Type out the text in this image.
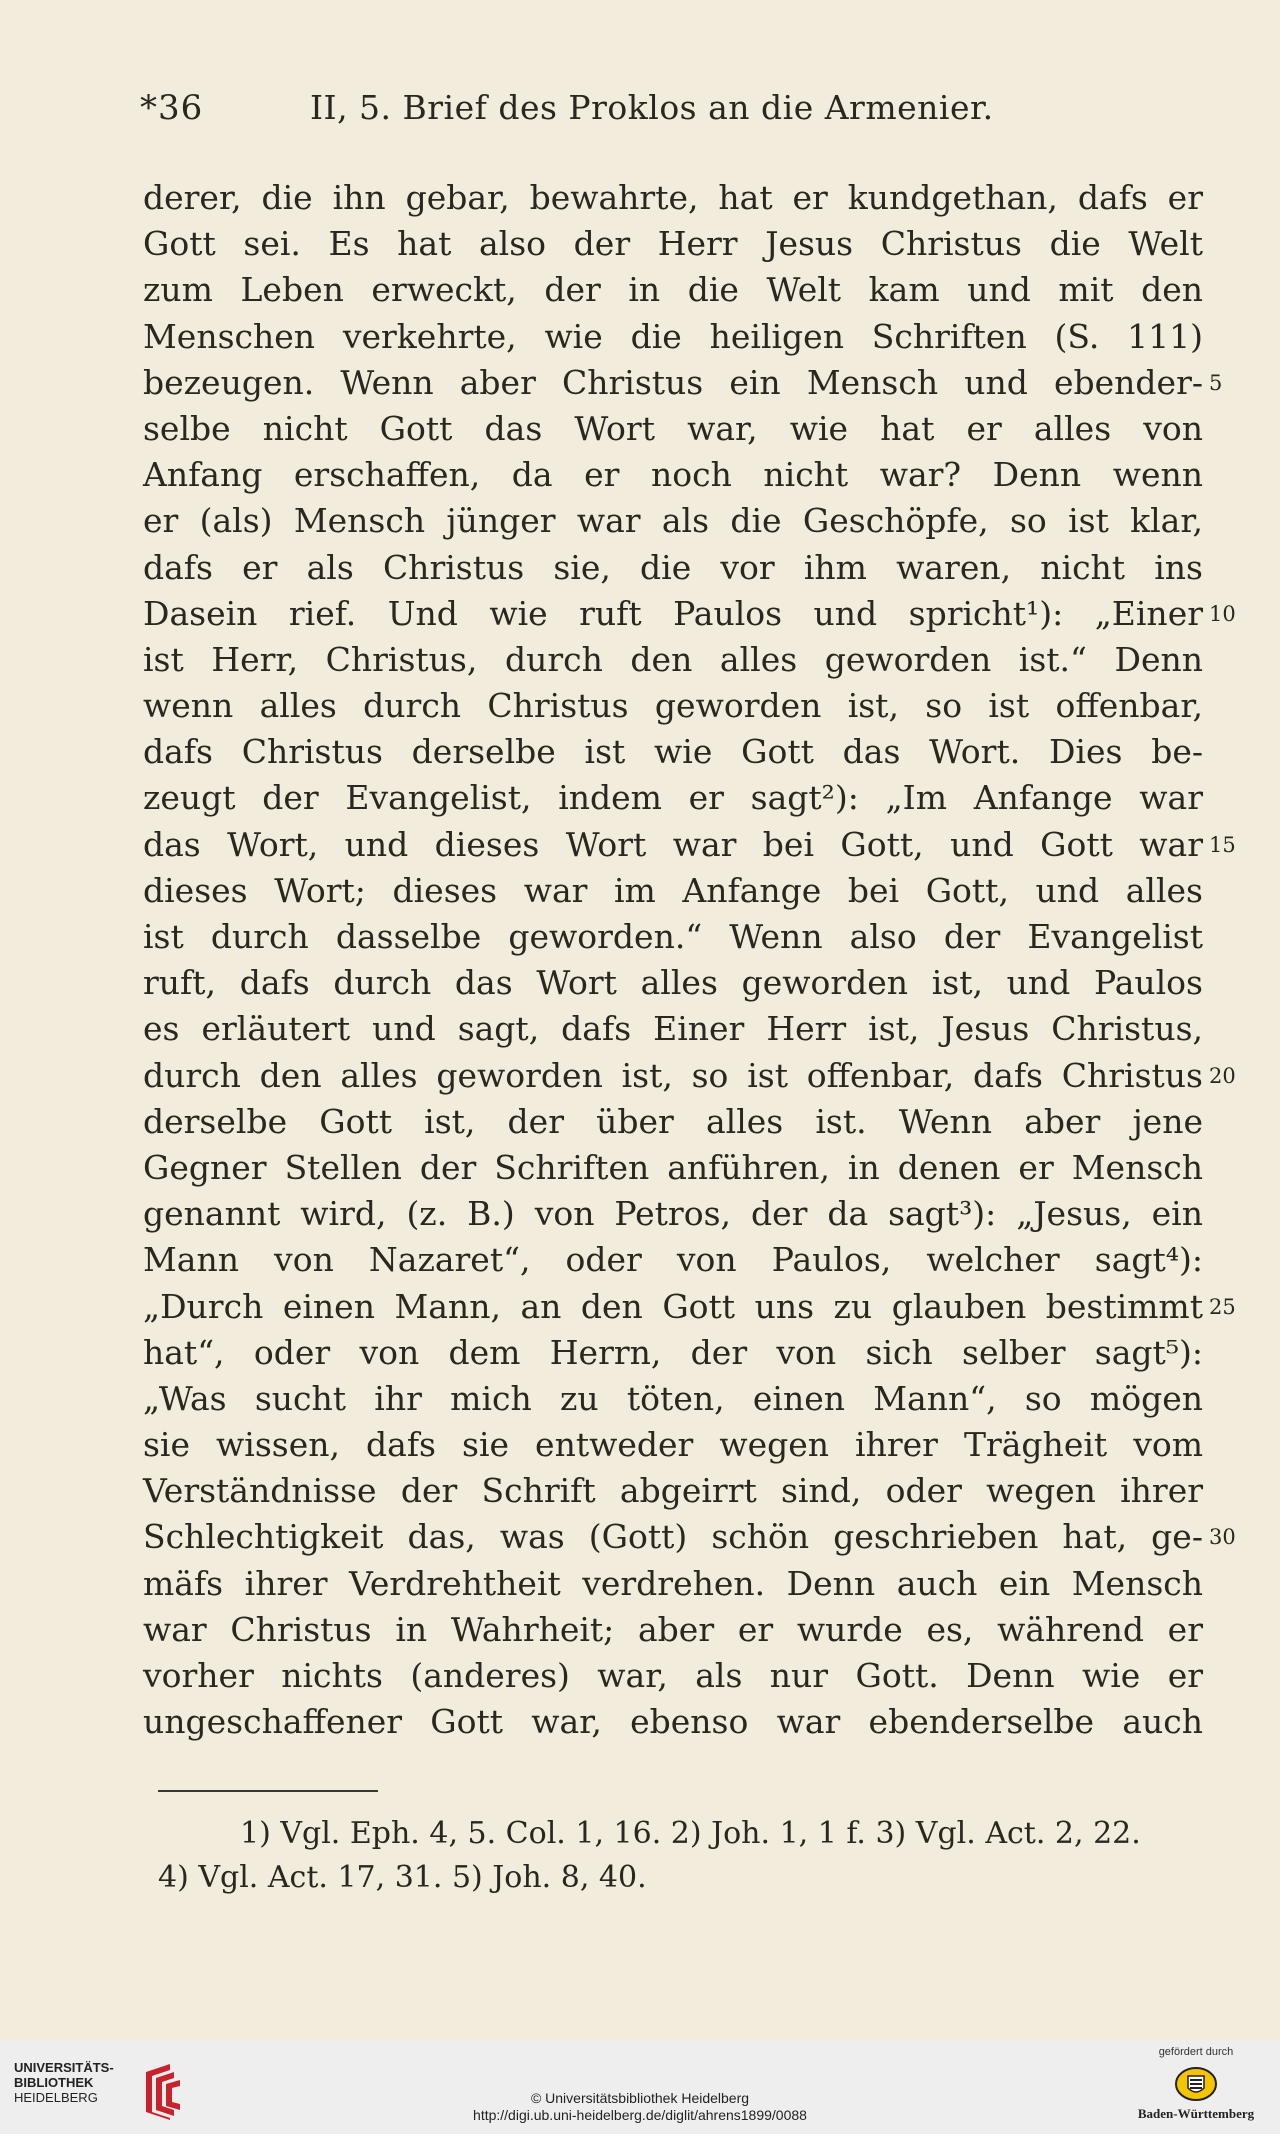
*36	II, 5. Brief des Proklos an die Armenier.
derer, die ihn gebar, bewahrte, hat er kundgethan, dafs er
Gott sei. Es hat also der Herr Jesus Christus die Welt
zum Leben erweckt, der in die Welt kam und mit den
Menschen verkehrte, wie die heiligen Schriften (S. 111)
bezeugen. Wenn aber Christus ein Mensch und ebender- 5
selbe nicht Gott das Wort war, wie hat er alles von
Anfang erschaffen, da er noch nicht war? Denn wenn
er (als) Mensch jünger war als die Geschöpfe, so ist klar,
dafs er als Christus sie, die vor ihm waren, nicht ins
Dasein rief. Und wie ruft Paulos und spricht¹): „Einer 10
ist Herr, Christus, durch den alles geworden ist.“ Denn
wenn alles durch Christus geworden ist, so ist offenbar,
dafs Christus derselbe ist wie Gott das Wort. Dies be-
zeugt der Evangelist, indem er sagt²): „Im Anfange war
das Wort, und dieses Wort war bei Gott, und Gott war 15
dieses Wort; dieses war im Anfange bei Gott, und alles
ist durch dasselbe geworden.“ Wenn also der Evangelist
ruft, dafs durch das Wort alles geworden ist, und Paulos
es erläutert und sagt, dafs Einer Herr ist, Jesus Christus,
durch den alles geworden ist, so ist offenbar, dafs Christus 20
derselbe Gott ist, der über alles ist. Wenn aber jene
Gegner Stellen der Schriften anführen, in denen er Mensch
genannt wird, (z. B.) von Petros, der da sagt³): „Jesus, ein
Mann von Nazaret“, oder von Paulos, welcher sagt⁴):
„Durch einen Mann, an den Gott uns zu glauben bestimmt 25
hat“, oder von dem Herrn, der von sich selber sagt⁵):
„Was sucht ihr mich zu töten, einen Mann“, so mögen
sie wissen, dafs sie entweder wegen ihrer Trägheit vom
Verständnisse der Schrift abgeirrt sind, oder wegen ihrer
Schlechtigkeit das, was (Gott) schön geschrieben hat, ge- 30
mäfs ihrer Verdrehtheit verdrehen. Denn auch ein Mensch
war Christus in Wahrheit; aber er wurde es, während er
vorher nichts (anderes) war, als nur Gott. Denn wie er
ungeschaffener Gott war, ebenso war ebenderselbe auch
1) Vgl. Eph. 4, 5. Col. 1, 16. 2) Joh. 1, 1 f. 3) Vgl. Act. 2, 22.
4) Vgl. Act. 17, 31. 5) Joh. 8, 40.
UNIVERSITÄTS-
BIBLIOTHEK
HEIDELBERG	© Universitätsbibliothek Heidelberg
http://digi.ub.uni-heidelberg.de/diglit/ahrens1899/0088
gefördert durch
Baden-Württemberg
